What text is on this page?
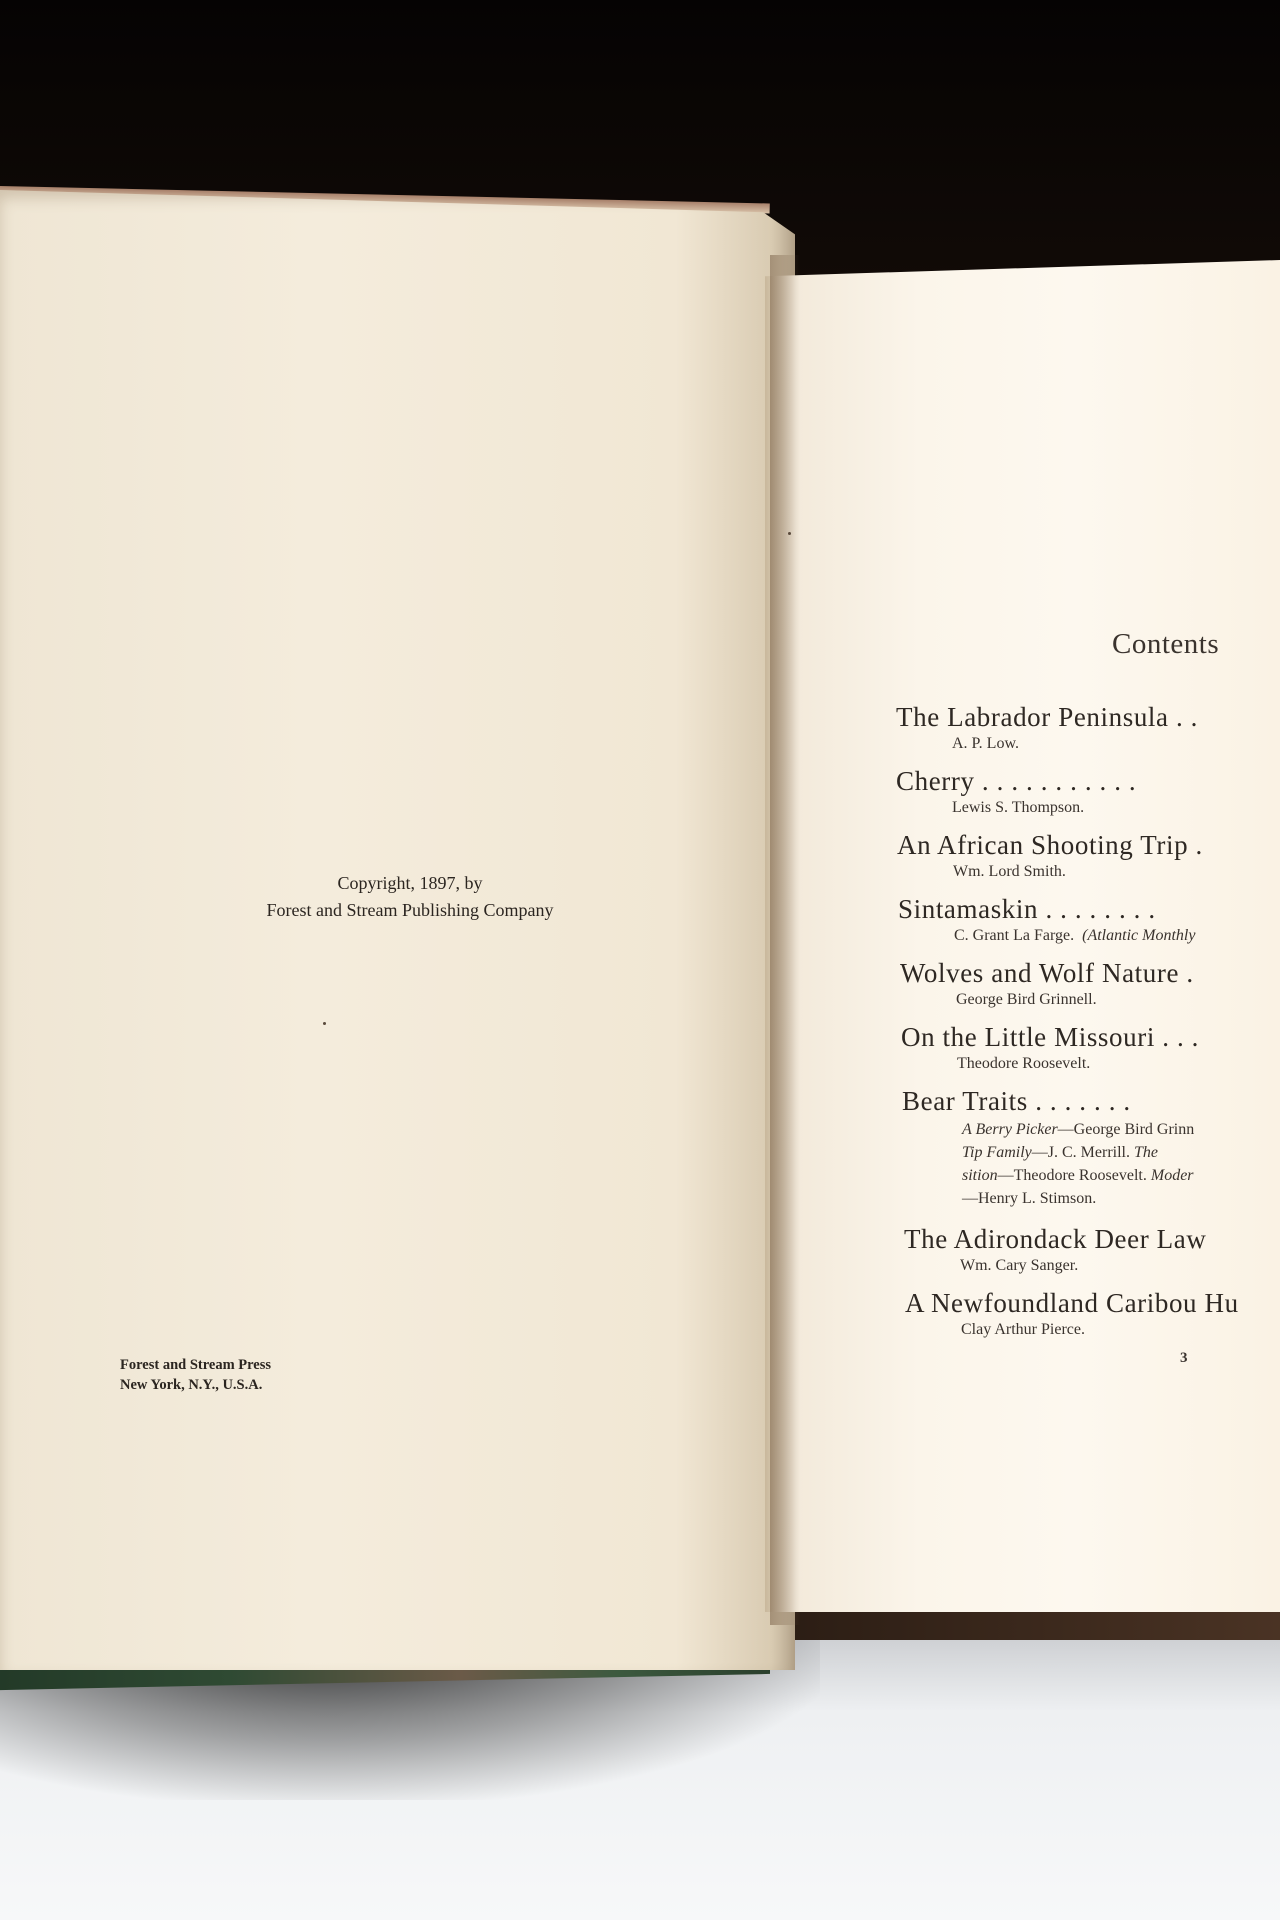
Copyright, 1897, by
Forest and Stream Publishing Company
Forest and Stream Press
New York, N.Y., U.S.A.
Contents
The Labrador Peninsula . .
A. P. Low.
Cherry . . . . . . . . . . .
Lewis S. Thompson.
An African Shooting Trip .
Wm. Lord Smith.
Sintamaskin . . . . . . . .
C. Grant La Farge. (Atlantic Monthly
Wolves and Wolf Nature .
George Bird Grinnell.
On the Little Missouri . . .
Theodore Roosevelt.
Bear Traits . . . . . . .
A Berry Picker—George Bird Grinn
Tip Family—J. C. Merrill. The
sition—Theodore Roosevelt. Moder
—Henry L. Stimson.
The Adirondack Deer Law
Wm. Cary Sanger.
A Newfoundland Caribou Hu
Clay Arthur Pierce.
3
